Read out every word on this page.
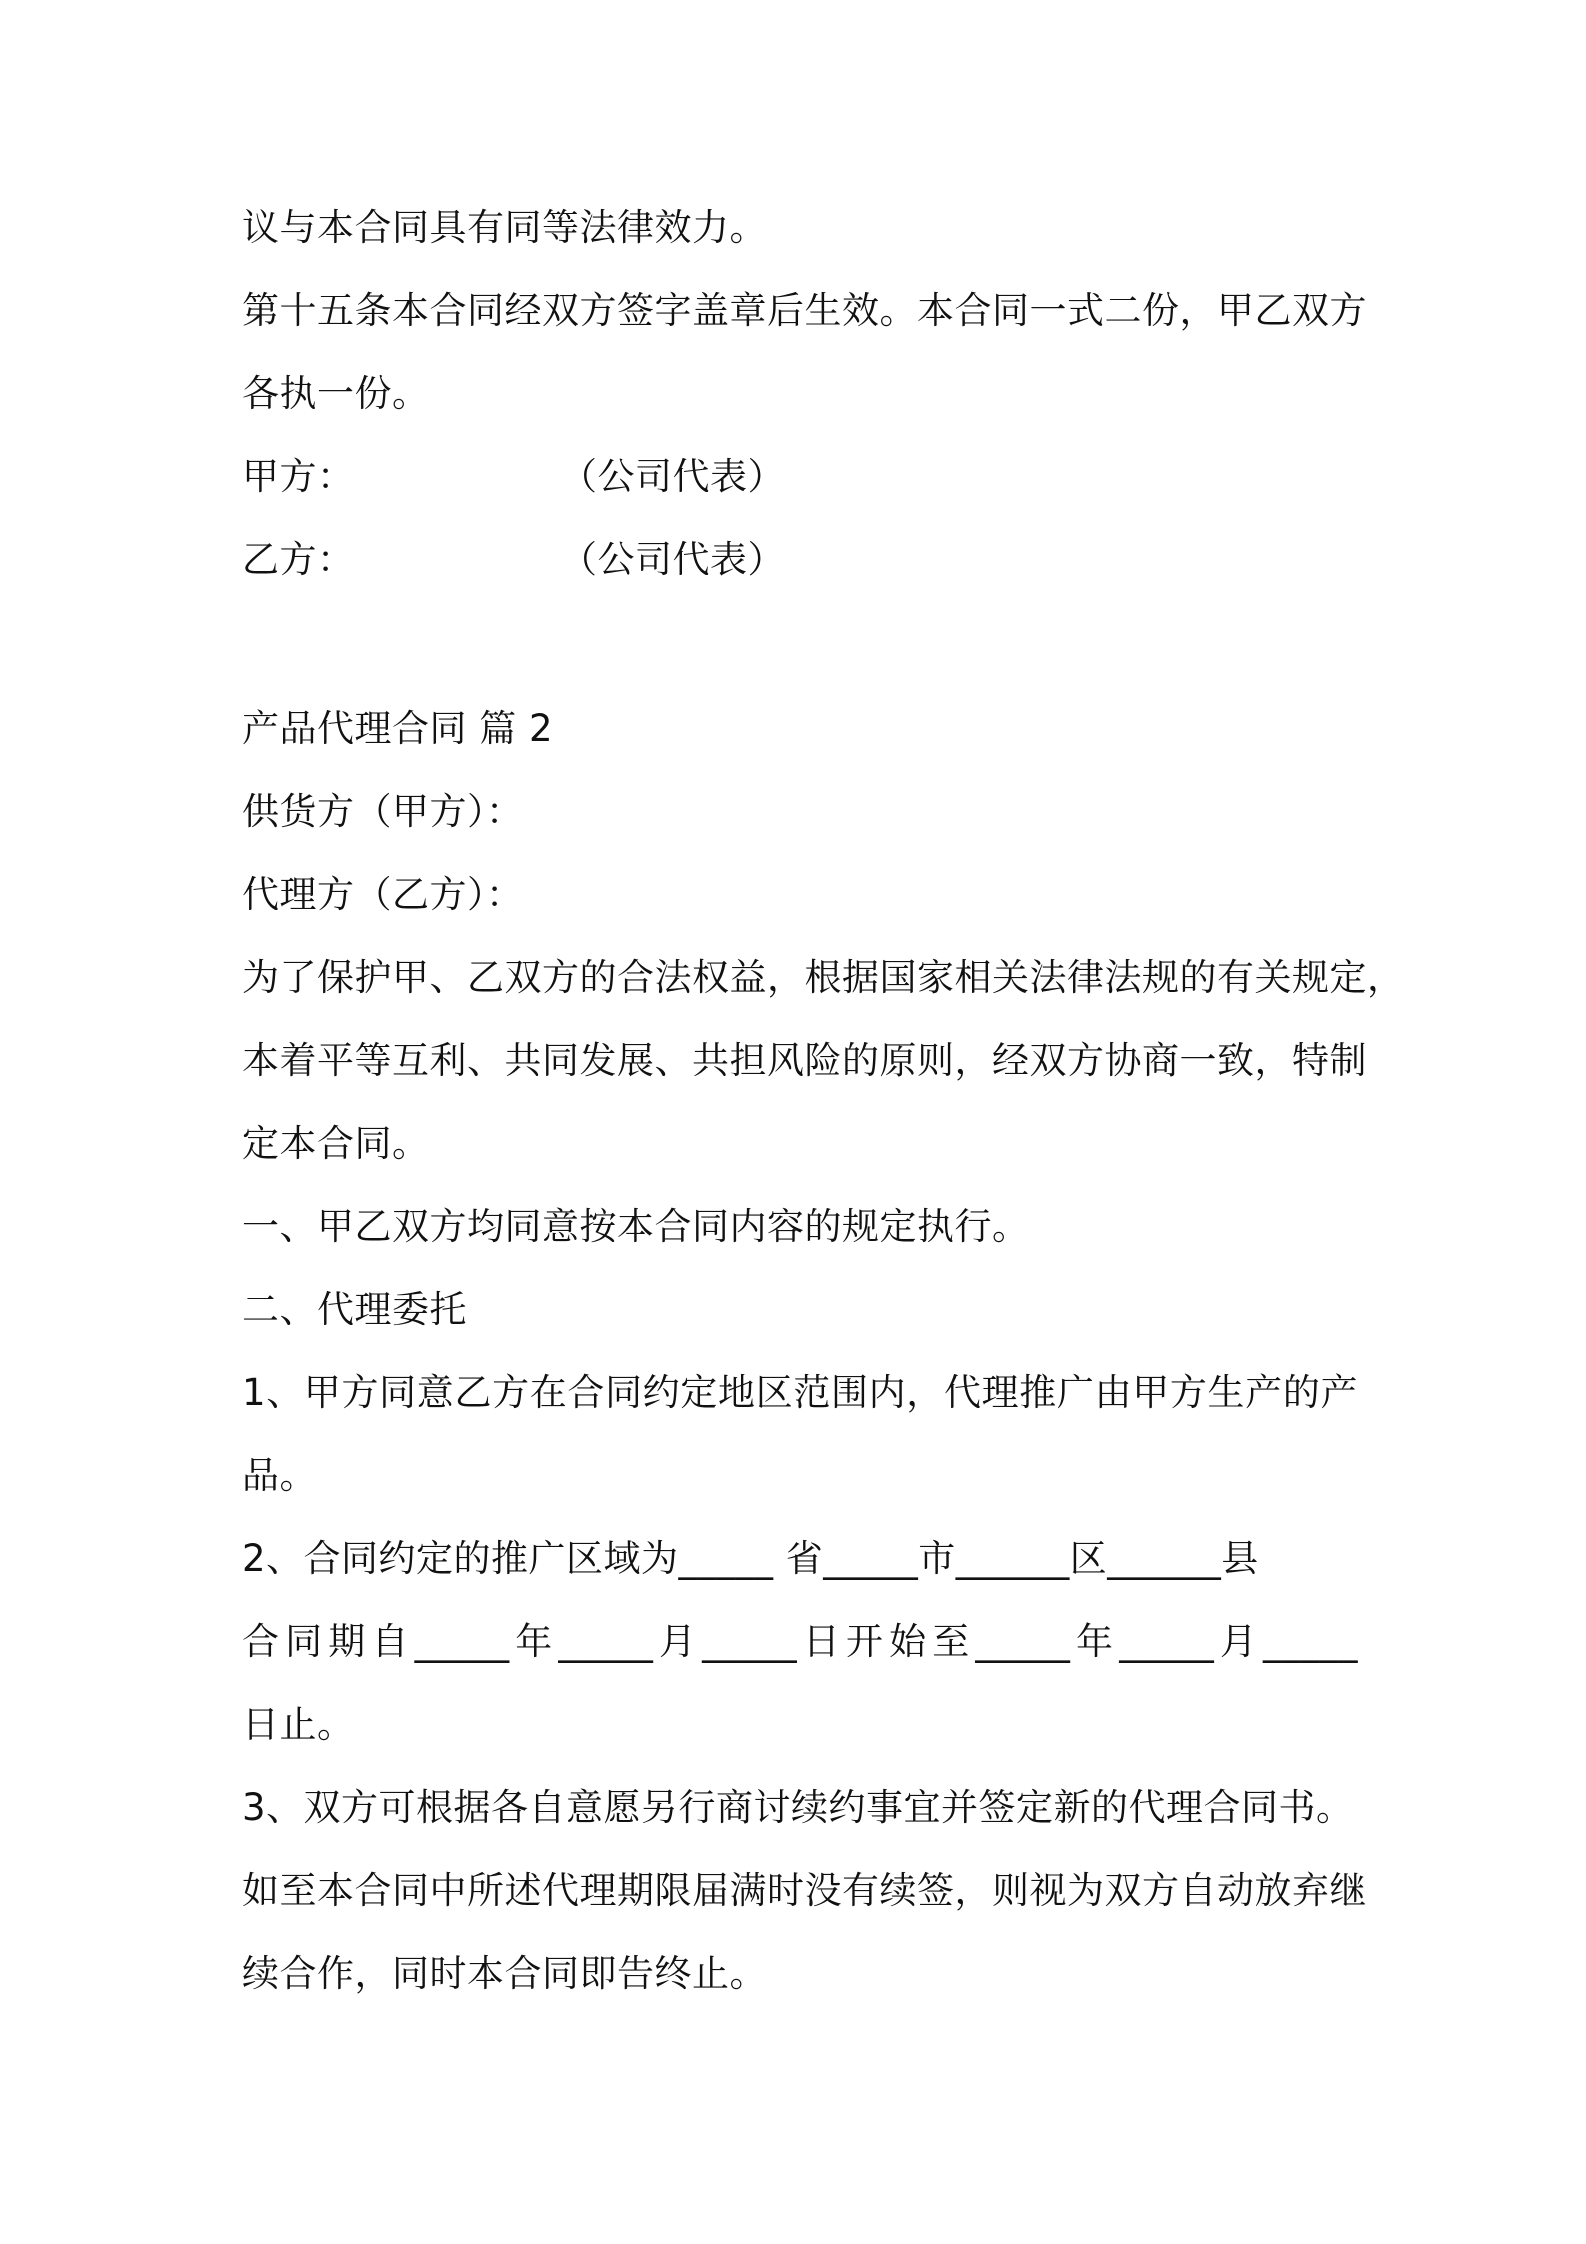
议与本合同具有同等法律效力。
第十五条本合同经双方签字盖章后生效。本合同一式二份，甲乙双方
各执一份。
甲方：	（公司代表）
乙方：	（公司代表）
产品代理合同 篇 2
供货方（甲方）：
代理方（乙方）：
为了保护甲、乙双方的合法权益，根据国家相关法律法规的有关规定，
本着平等互利、共同发展、共担风险的原则，经双方协商一致，特制
定本合同。
一、甲乙双方均同意按本合同内容的规定执行。
二、代理委托
1、甲方同意乙方在合同约定地区范围内，代理推广由甲方生产的产
品。
2、合同约定的推广区域为_____ 省_____市______区______县
合同期自_____年_____月_____日开始至_____年_____月_____
日止。
3、双方可根据各自意愿另行商讨续约事宜并签定新的代理合同书。
如至本合同中所述代理期限届满时没有续签，则视为双方自动放弃继
续合作，同时本合同即告终止。
